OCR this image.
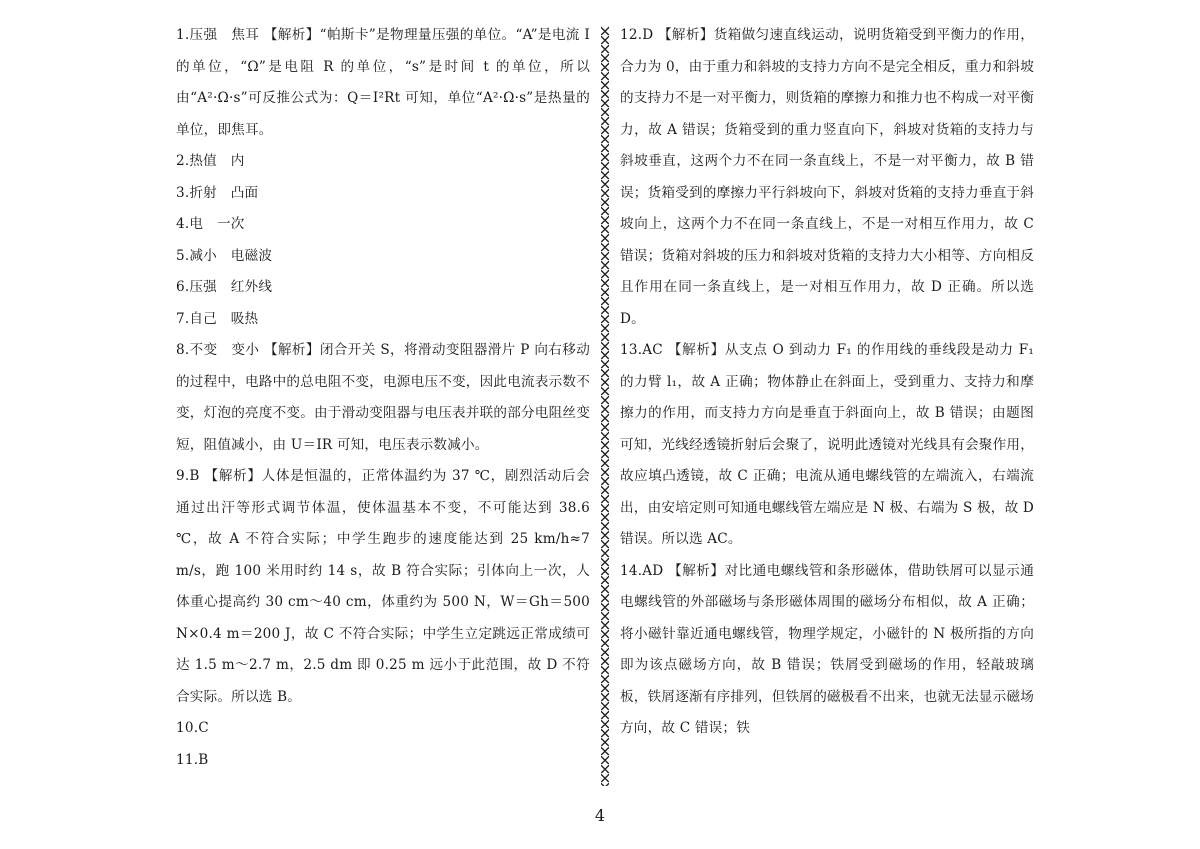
1.压强　焦耳 【解析】“帕斯卡”是物理量压强的单位。“A”是电流 I 的单位，“Ω”是电阻 R 的单位，“s”是时间 t 的单位，所以由“A²·Ω·s”可反推公式为：Q＝I²Rt 可知，单位“A²·Ω·s”是热量的单位，即焦耳。

2.热值　内

3.折射　凸面

4.电　一次

5.减小　电磁波

6.压强　红外线

7.自己　吸热

8.不变　变小 【解析】闭合开关 S，将滑动变阻器滑片 P 向右移动的过程中，电路中的总电阻不变，电源电压不变，因此电流表示数不变，灯泡的亮度不变。由于滑动变阻器与电压表并联的部分电阻丝变短，阻值减小，由 U＝IR 可知，电压表示数减小。

9.B 【解析】人体是恒温的，正常体温约为 37 ℃，剧烈活动后会通过出汗等形式调节体温，使体温基本不变，不可能达到 38.6 ℃，故 A 不符合实际；中学生跑步的速度能达到 25 km/h≈7 m/s，跑 100 米用时约 14 s，故 B 符合实际；引体向上一次，人体重心提高约 30 cm～40 cm，体重约为 500 N，W＝Gh＝500 N×0.4 m＝200 J，故 C 不符合实际；中学生立定跳远正常成绩可达 1.5 m～2.7 m，2.5 dm 即 0.25 m 远小于此范围，故 D 不符合实际。所以选 B。

10.C

11.B

12.D 【解析】货箱做匀速直线运动，说明货箱受到平衡力的作用，合力为 0，由于重力和斜坡的支持力方向不是完全相反，重力和斜坡的支持力不是一对平衡力，则货箱的摩擦力和推力也不构成一对平衡力，故 A 错误；货箱受到的重力竖直向下，斜坡对货箱的支持力与斜坡垂直，这两个力不在同一条直线上，不是一对平衡力，故 B 错误；货箱受到的摩擦力平行斜坡向下，斜坡对货箱的支持力垂直于斜坡向上，这两个力不在同一条直线上，不是一对相互作用力，故 C 错误；货箱对斜坡的压力和斜坡对货箱的支持力大小相等、方向相反且作用在同一条直线上，是一对相互作用力，故 D 正确。所以选 D。

13.AC 【解析】从支点 O 到动力 F₁ 的作用线的垂线段是动力 F₁ 的力臂 l₁，故 A 正确；物体静止在斜面上，受到重力、支持力和摩擦力的作用，而支持力方向是垂直于斜面向上，故 B 错误；由题图可知，光线经透镜折射后会聚了，说明此透镜对光线具有会聚作用，故应填凸透镜，故 C 正确；电流从通电螺线管的左端流入，右端流出，由安培定则可知通电螺线管左端应是 N 极、右端为 S 极，故 D 错误。所以选 AC。

14.AD 【解析】对比通电螺线管和条形磁体，借助铁屑可以显示通电螺线管的外部磁场与条形磁体周围的磁场分布相似，故 A 正确；将小磁针靠近通电螺线管，物理学规定，小磁针的 N 极所指的方向即为该点磁场方向，故 B 错误；铁屑受到磁场的作用，轻敲玻璃板，铁屑逐渐有序排列，但铁屑的磁极看不出来，也就无法显示磁场方向，故 C 错误；铁

4
